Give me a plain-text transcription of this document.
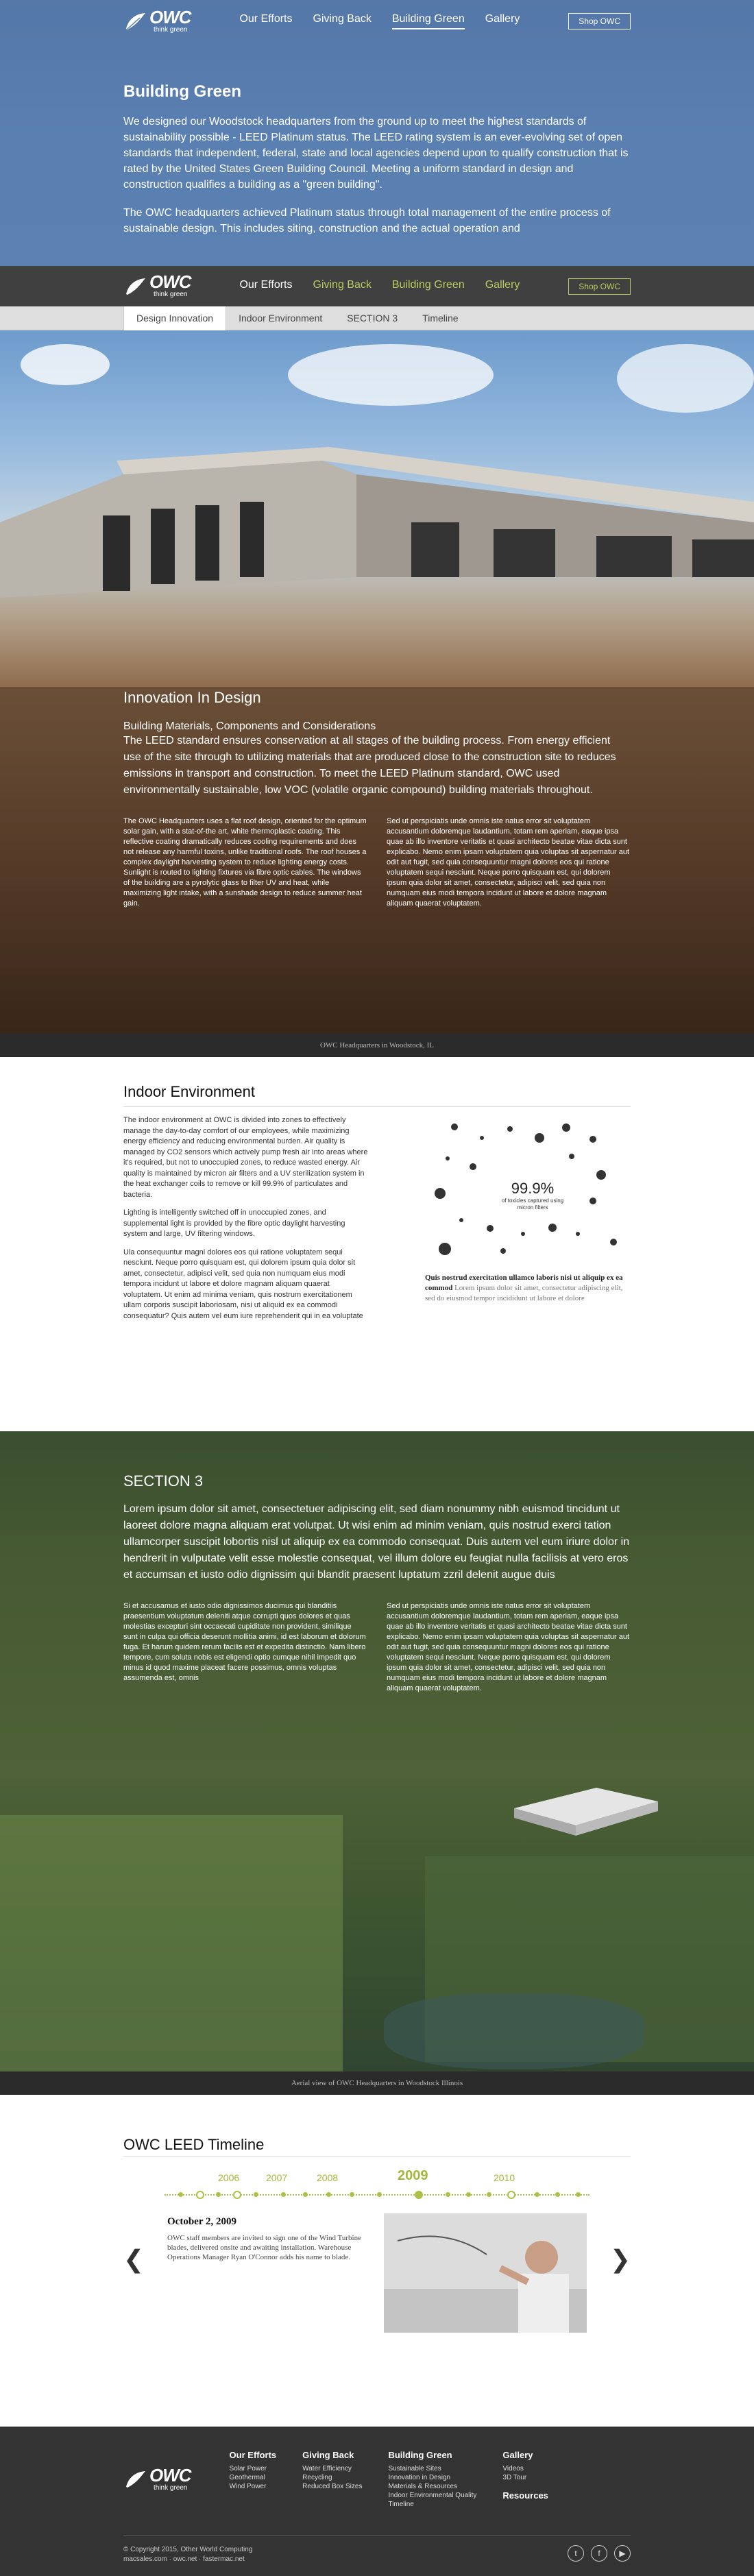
OWC
think green
Our Efforts Giving Back Building Green Gallery	Shop OWC
Building Green

We designed our Woodstock headquarters from the ground up to meet the highest standards of sustainability possible - LEED Platinum status. The LEED rating system is an ever-evolving set of open standards that independent, federal, state and local agencies depend upon to qualify construction that is rated by the United States Green Building Council. Meeting a uniform standard in design and construction qualifies a building as a "green building".

The OWC headquarters achieved Platinum status through total management of the entire process of sustainable design. This includes siting, construction and the actual operation and

OWC
think green
Our Efforts Giving Back Building Green Gallery	Shop OWC
Design Innovation	Indoor Environment	SECTION 3	Timeline
Innovation In Design
Building Materials, Components and Considerations

The LEED standard ensures conservation at all stages of the building process. From energy efficient use of the site through to utilizing materials that are produced close to the construction site to reduces emissions in transport and construction. To meet the LEED Platinum standard, OWC used environmentally sustainable, low VOC (volatile organic compound) building materials throughout.

The OWC Headquarters uses a flat roof design, oriented for the optimum solar gain, with a stat-of-the art, white thermoplastic coating. This reflective coating dramatically reduces cooling requirements and does not release any harmful toxins, unlike traditional roofs. The roof houses a complex daylight harvesting system to reduce lighting energy costs. Sunlight is routed to lighting fixtures via fibre optic cables. The windows of the building are a pyrolytic glass to filter UV and heat, while maximizing light intake, with a sunshade design to reduce summer heat gain.

Sed ut perspiciatis unde omnis iste natus error sit voluptatem accusantium doloremque laudantium, totam rem aperiam, eaque ipsa quae ab illo inventore veritatis et quasi architecto beatae vitae dicta sunt explicabo. Nemo enim ipsam voluptatem quia voluptas sit aspernatur aut odit aut fugit, sed quia consequuntur magni dolores eos qui ratione voluptatem sequi nesciunt. Neque porro quisquam est, qui dolorem ipsum quia dolor sit amet, consectetur, adipisci velit, sed quia non numquam eius modi tempora incidunt ut labore et dolore magnam aliquam quaerat voluptatem.

OWC Headquarters in Woodstock, IL
Indoor Environment

The indoor environment at OWC is divided into zones to effectively manage the day-to-day comfort of our employees, while maximizing energy efficiency and reducing environmental burden. Air quality is managed by CO2 sensors which actively pump fresh air into areas where it's required, but not to unoccupied zones, to reduce wasted energy. Air quality is maintained by micron air filters and a UV sterilization system in the heat exchanger coils to remove or kill 99.9% of particulates and bacteria.

Lighting is intelligently switched off in unoccupied zones, and supplemental light is provided by the fibre optic daylight harvesting system and large, UV filtering windows.

Ula consequuntur magni dolores eos qui ratione voluptatem sequi nesciunt. Neque porro quisquam est, qui dolorem ipsum quia dolor sit amet, consectetur, adipisci velit, sed quia non numquam eius modi tempora incidunt ut labore et dolore magnam aliquam quaerat voluptatem. Ut enim ad minima veniam, quis nostrum exercitationem ullam corporis suscipit laboriosam, nisi ut aliquid ex ea commodi consequatur? Quis autem vel eum iure reprehenderit qui in ea voluptate

99.9%
of toxicles captured using micron filters
Quis nostrud exercitation ullamco laboris nisi ut aliquip ex ea commod Lorem ipsum dolor sit amet, consectetur adipiscing elit, sed do eiusmod tempor incididunt ut labore et dolore
SECTION 3

Lorem ipsum dolor sit amet, consectetuer adipiscing elit, sed diam nonummy nibh euismod tincidunt ut laoreet dolore magna aliquam erat volutpat. Ut wisi enim ad minim veniam, quis nostrud exerci tation ullamcorper suscipit lobortis nisl ut aliquip ex ea commodo consequat. Duis autem vel eum iriure dolor in hendrerit in vulputate velit esse molestie consequat, vel illum dolore eu feugiat nulla facilisis at vero eros et accumsan et iusto odio dignissim qui blandit praesent luptatum zzril delenit augue duis

Si et accusamus et iusto odio dignissimos ducimus qui blanditiis praesentium voluptatum deleniti atque corrupti quos dolores et quas molestias excepturi sint occaecati cupiditate non provident, similique sunt in culpa qui officia deserunt mollitia animi, id est laborum et dolorum fuga. Et harum quidem rerum facilis est et expedita distinctio. Nam libero tempore, cum soluta nobis est eligendi optio cumque nihil impedit quo minus id quod maxime placeat facere possimus, omnis voluptas assumenda est, omnis

Sed ut perspiciatis unde omnis iste natus error sit voluptatem accusantium doloremque laudantium, totam rem aperiam, eaque ipsa quae ab illo inventore veritatis et quasi architecto beatae vitae dicta sunt explicabo. Nemo enim ipsam voluptatem quia voluptas sit aspernatur aut odit aut fugit, sed quia consequuntur magni dolores eos qui ratione voluptatem sequi nesciunt. Neque porro quisquam est, qui dolorem ipsum quia dolor sit amet, consectetur, adipisci velit, sed quia non numquam eius modi tempora incidunt ut labore et dolore magnam aliquam quaerat voluptatem.

Aerial view of OWC Headquarters in Woodstock Illinois
OWC LEED Timeline
2006	2007	2008	2009	2010
❮
October 2, 2009

OWC staff members are invited to sign one of the Wind Turbine blades, delivered onsite and awaiting installation. Warehouse Operations Manager Ryan O'Connor adds his name to blade.	❯
OWC
think green
Our Efforts
Solar Power
Geothermal
Wind Power
Giving Back
Water Efficiency
Recycling
Reduced Box Sizes
Building Green
Sustainable Sites
Innovation in Design
Materials & Resources
Indoor Environmental Quality
Timeline
Gallery
Videos
3D Tour
Resources
© Copyright 2015, Other World Computing
macsales.com · owc.net · fastermac.net
t	f	▶
